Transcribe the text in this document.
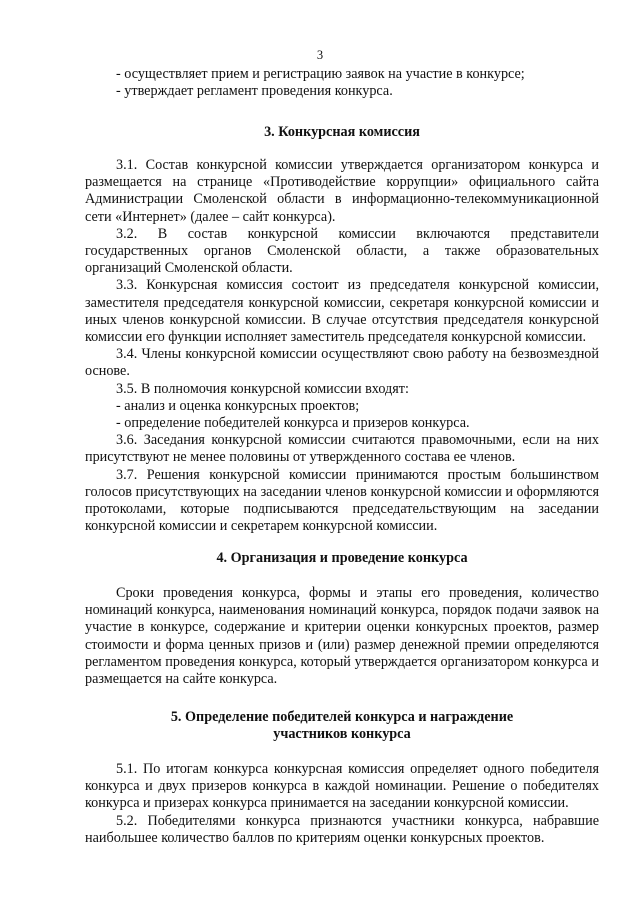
3
- осуществляет прием и регистрацию заявок на участие в конкурсе;
- утверждает регламент проведения конкурса.
3. Конкурсная комиссия

3.1. Состав конкурсной комиссии утверждается организатором конкурса и размещается на странице «Противодействие коррупции» официального сайта Администрации Смоленской области в информационно-телекоммуникационной сети «Интернет» (далее – сайт конкурса).

3.2. В состав конкурсной комиссии включаются представители государственных органов Смоленской области, а также образовательных организаций Смоленской области.

3.3. Конкурсная комиссия состоит из председателя конкурсной комиссии, заместителя председателя конкурсной комиссии, секретаря конкурсной комиссии и иных членов конкурсной комиссии. В случае отсутствия председателя конкурсной комиссии его функции исполняет заместитель председателя конкурсной комиссии.

3.4. Члены конкурсной комиссии осуществляют свою работу на безвозмездной основе.

3.5. В полномочия конкурсной комиссии входят:

- анализ и оценка конкурсных проектов;

- определение победителей конкурса и призеров конкурса.

3.6. Заседания конкурсной комиссии считаются правомочными, если на них присутствуют не менее половины от утвержденного состава ее членов.

3.7. Решения конкурсной комиссии принимаются простым большинством голосов присутствующих на заседании членов конкурсной комиссии и оформляются протоколами, которые подписываются председательствующим на заседании конкурсной комиссии и секретарем конкурсной комиссии.

4. Организация и проведение конкурса

Сроки проведения конкурса, формы и этапы его проведения, количество номинаций конкурса, наименования номинаций конкурса, порядок подачи заявок на участие в конкурсе, содержание и критерии оценки конкурсных проектов, размер стоимости и форма ценных призов и (или) размер денежной премии определяются регламентом проведения конкурса, который утверждается организатором конкурса и размещается на сайте конкурса.

5. Определение победителей конкурса и награждение
участников конкурса

5.1. По итогам конкурса конкурсная комиссия определяет одного победителя конкурса и двух призеров конкурса в каждой номинации. Решение о победителях конкурса и призерах конкурса принимается на заседании конкурсной комиссии.

5.2. Победителями конкурса признаются участники конкурса, набравшие наибольшее количество баллов по критериям оценки конкурсных проектов.
